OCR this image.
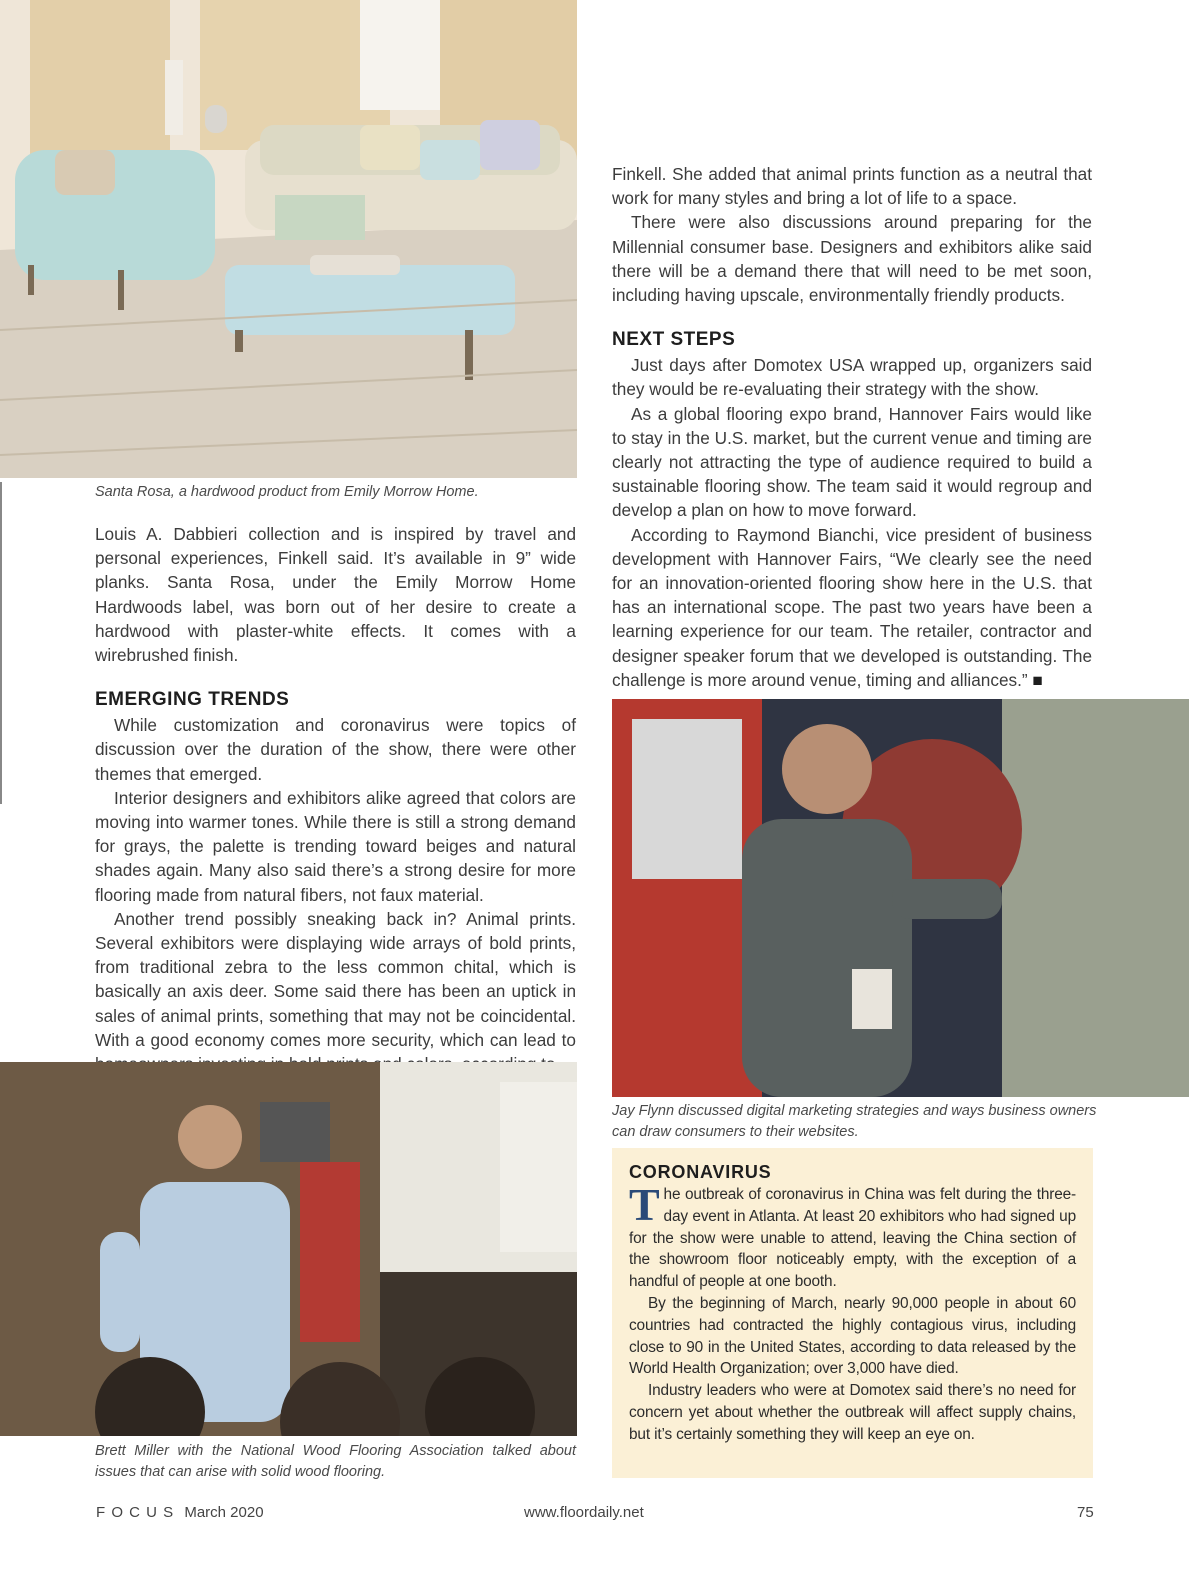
Santa Rosa, a hardwood product from Emily Morrow Home.

Louis A. Dabbieri collection and is inspired by travel and personal experiences, Finkell said. It’s available in 9” wide planks. Santa Rosa, under the Emily Morrow Home Hardwoods label, was born out of her desire to create a hardwood with plaster-white effects. It comes with a wirebrushed finish.

EMERGING TRENDS

While customization and coronavirus were topics of discussion over the duration of the show, there were other themes that emerged.

Interior designers and exhibitors alike agreed that colors are moving into warmer tones. While there is still a strong demand for grays, the palette is trending toward beiges and natural shades again. Many also said there’s a strong desire for more flooring made from natural fibers, not faux material.

Another trend possibly sneaking back in? Animal prints. Several exhibitors were displaying wide arrays of bold prints, from traditional zebra to the less common chital, which is basically an axis deer. Some said there has been an uptick in sales of animal prints, something that may not be coincidental. With a good economy comes more security, which can lead to

Brett Miller with the National Wood Flooring Association talked about issues that can arise with solid wood flooring.

Finkell. She added that animal prints function as a neutral that work for many styles and bring a lot of life to a space.

There were also discussions around preparing for the Millennial consumer base. Designers and exhibitors alike said there will be a demand there that will need to be met soon, including having upscale, environmentally friendly products.

NEXT STEPS

Just days after Domotex USA wrapped up, organizers said they would be re-evaluating their strategy with the show.

As a global flooring expo brand, Hannover Fairs would like to stay in the U.S. market, but the current venue and timing are clearly not attracting the type of audience required to build a sustainable flooring show. The team said it would regroup and develop a plan on how to move forward.

According to Raymond Bianchi, vice president of business development with Hannover Fairs, “We clearly see the need for an innovation-oriented flooring show here in the U.S. that has an international scope. The past two years have been a learning experience for our team. The retailer, contractor and designer speaker forum that we developed is outstanding. The challenge is more around venue, timing and alliances.” ■

Jay Flynn discussed digital marketing strategies and ways business owners can draw consumers to their websites.
CORONAVIRUS

The outbreak of coronavirus in China was felt during the three-day event in Atlanta. At least 20 exhibitors who had signed up for the show were unable to attend, leaving the China section of the showroom floor noticeably empty, with the exception of a handful of people at one booth.

By the beginning of March, nearly 90,000 people in about 60 countries had contracted the highly contagious virus, including close to 90 in the United States, according to data released by the World Health Organization; over 3,000 have died.

Industry leaders who were at Domotex said there’s no need for concern yet about whether the outbreak will affect supply chains, but it’s certainly something they will keep an eye on.

F O C U S March 2020	www.floordaily.net	75
